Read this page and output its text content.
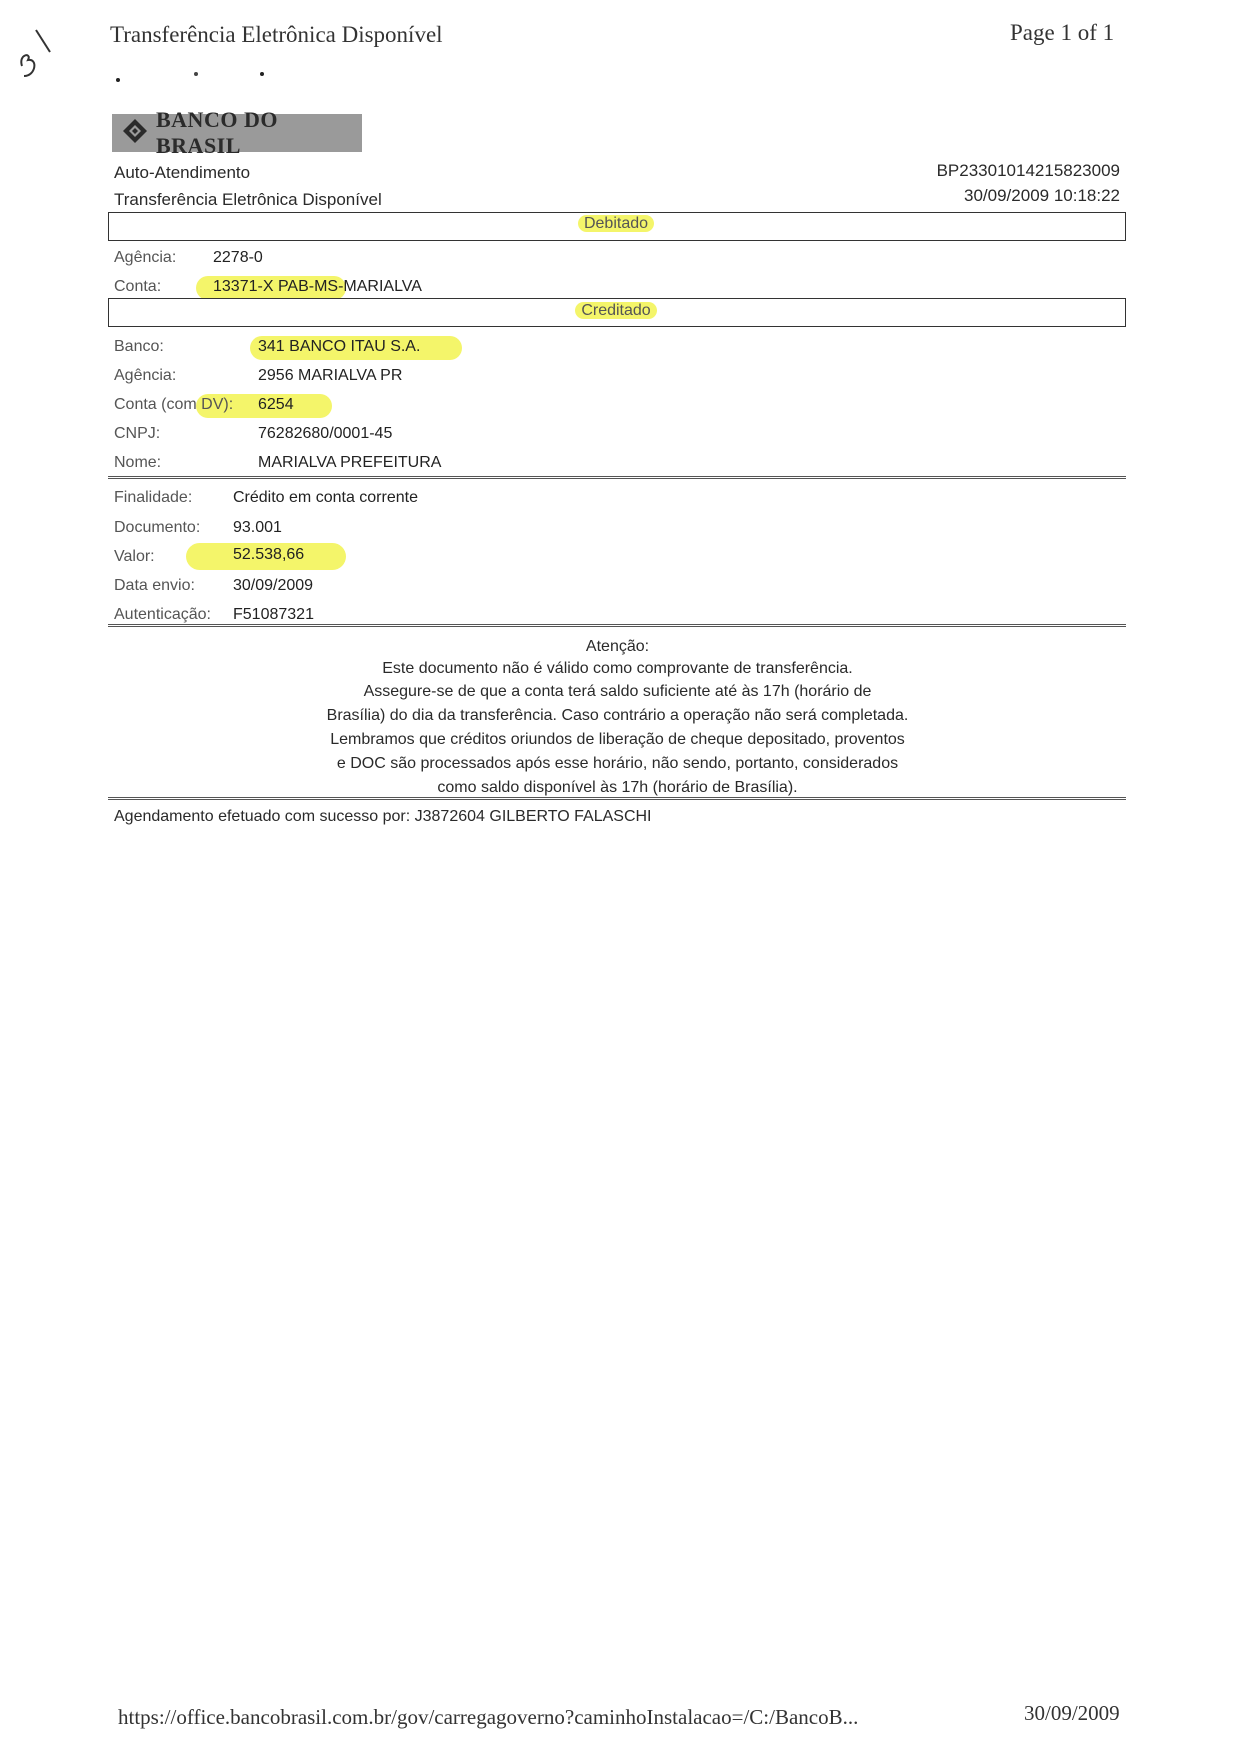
3
Transferência Eletrônica Disponível	Page 1 of 1
BANCO DO BRASIL
Auto-Atendimento
Transferência Eletrônica Disponível
BP23301014215823009
30/09/2009 10:18:22
Debitado
Agência: 2278-0
Conta:	13371-X PAB-MS-MARIALVA
Creditado
Banco:	341 BANCO ITAU S.A.
Agência:	2956 MARIALVA PR
Conta (com DV): 6254
CNPJ:	76282680/0001-45
Nome:	MARIALVA PREFEITURA
Finalidade:	Crédito em conta corrente
Documento: 93.001
Valor:	52.538,66
Data envio: 30/09/2009
Autenticação: F51087321
Atenção:
Este documento não é válido como comprovante de transferência.
Assegure-se de que a conta terá saldo suficiente até às 17h (horário de
Brasília) do dia da transferência. Caso contrário a operação não será completada.
Lembramos que créditos oriundos de liberação de cheque depositado, proventos
e DOC são processados após esse horário, não sendo, portanto, considerados
como saldo disponível às 17h (horário de Brasília).
Agendamento efetuado com sucesso por: J3872604 GILBERTO FALASCHI
https://office.bancobrasil.com.br/gov/carregagoverno?caminhoInstalacao=/C:/BancoB...	30/09/2009
